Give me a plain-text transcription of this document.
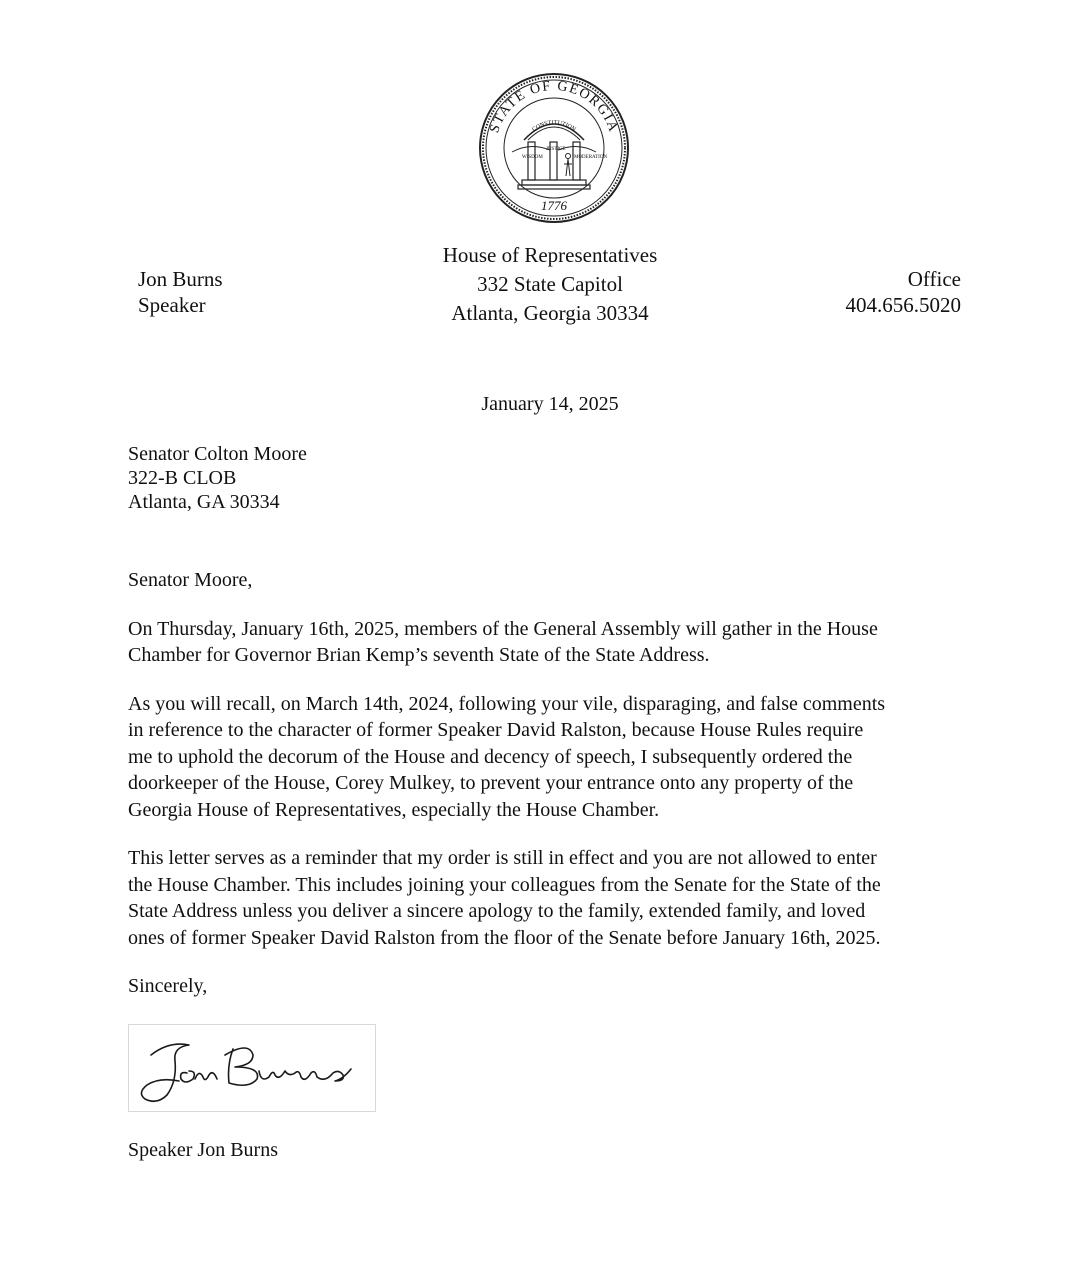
STATE OF GEORGIA
CONSTITUTION
WISDOM
JUSTICE
MODERATION
1776
Jon Burns
Speaker
House of Representatives
332 State Capitol
Atlanta, Georgia 30334
Office
404.656.5020
January 14, 2025
Senator Colton Moore
322-B CLOB
Atlanta, GA 30334

Senator Moore,

On Thursday, January 16th, 2025, members of the General Assembly will gather in the House
Chamber for Governor Brian Kemp’s seventh State of the State Address.

As you will recall, on March 14th, 2024, following your vile, disparaging, and false comments
in reference to the character of former Speaker David Ralston, because House Rules require
me to uphold the decorum of the House and decency of speech, I subsequently ordered the
doorkeeper of the House, Corey Mulkey, to prevent your entrance onto any property of the
Georgia House of Representatives, especially the House Chamber.

This letter serves as a reminder that my order is still in effect and you are not allowed to enter
the House Chamber. This includes joining your colleagues from the Senate for the State of the
State Address unless you deliver a sincere apology to the family, extended family, and loved
ones of former Speaker David Ralston from the floor of the Senate before January 16th, 2025.

Sincerely,

Speaker Jon Burns
